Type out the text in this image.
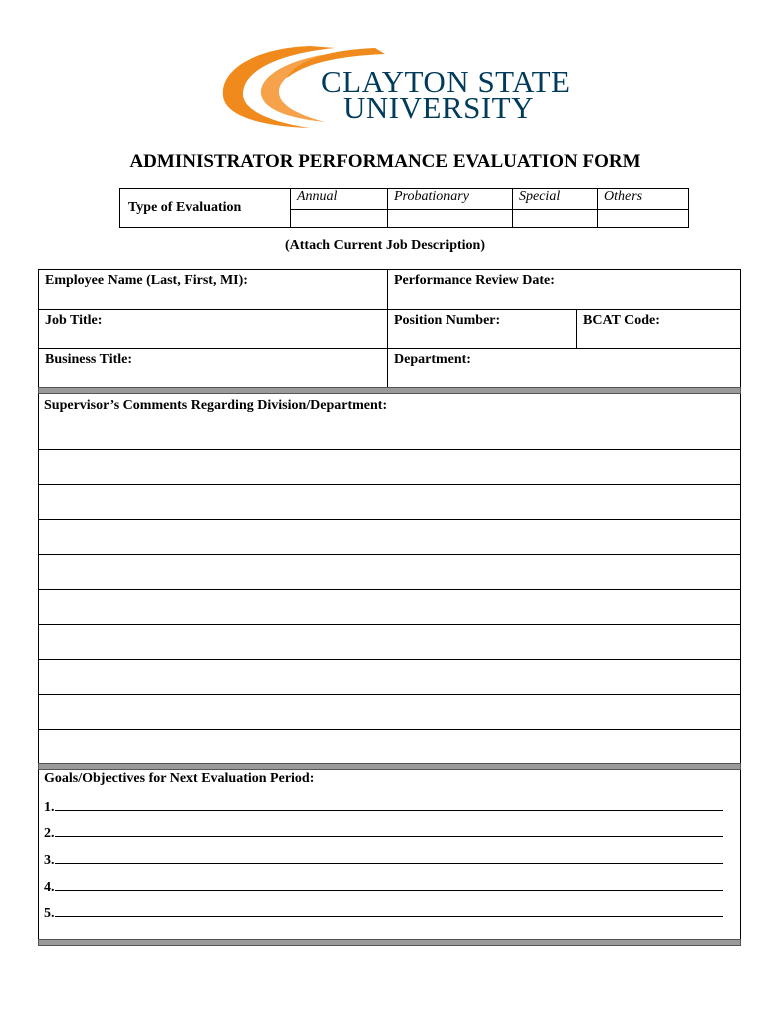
CLAYTON STATE
UNIVERSITY
ADMINISTRATOR PERFORMANCE EVALUATION FORM
Type of Evaluation	Annual	Probationary	Special	Others

(Attach Current Job Description)
Employee Name (Last, First, MI):	Performance Review Date:
Job Title:	Position Number:	BCAT Code:
Business Title:	Department:
Supervisor’s Comments Regarding Division/Department:
Goals/Objectives for Next Evaluation Period:
1.
2.
3.
4.
5.
